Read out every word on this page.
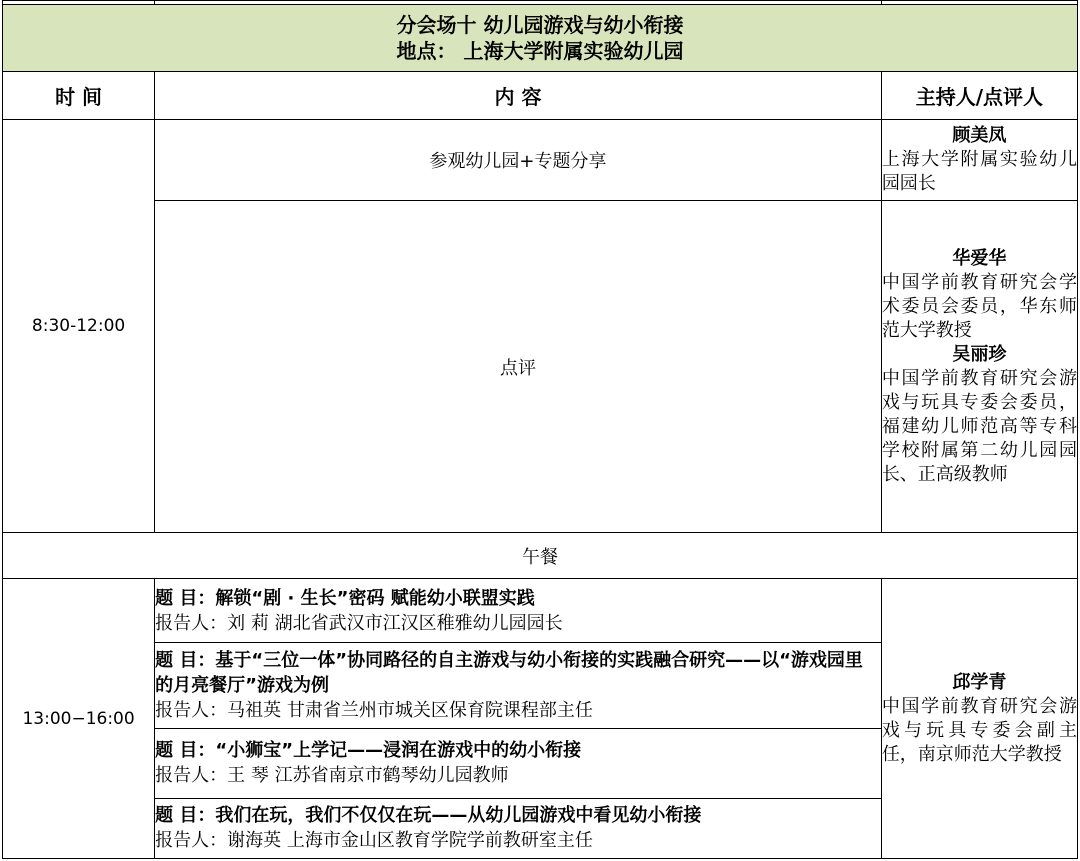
分会场十 幼儿园游戏与幼小衔接
地点： 上海大学附属实验幼儿园		

时 间	内 容	主持人/点评人
8:30-12:00	参观幼儿园+专题分享	顾美凤
上海大学附属实验幼儿园园长

	点评	华爱华
中国学前教育研究会学术委员会委员，华东师范大学教授
吴丽珍
中国学前教育研究会游戏与玩具专委会委员，福建幼儿师范高等专科学校附属第二幼儿园园长、正高级教师

午餐		
13:00−16:00	题 目：解锁“剧 · 生长”密码 赋能幼小联盟实践
报告人：刘 莉 湖北省武汉市江汉区稚雅幼儿园园长	邱学青
中国学前教育研究会游戏与玩具专委会副主任，南京师范大学教授

	题 目：基于“三位一体”协同路径的自主游戏与幼小衔接的实践融合研究——以“游戏园里的月亮餐厅”游戏为例
报告人：马祖英 甘肃省兰州市城关区保育院课程部主任	

	题 目：“小狮宝”上学记——浸润在游戏中的幼小衔接
报告人：王 琴 江苏省南京市鹤琴幼儿园教师	

	题 目：我们在玩，我们不仅仅在玩——从幼儿园游戏中看见幼小衔接
报告人：谢海英 上海市金山区教育学院学前教研室主任	
